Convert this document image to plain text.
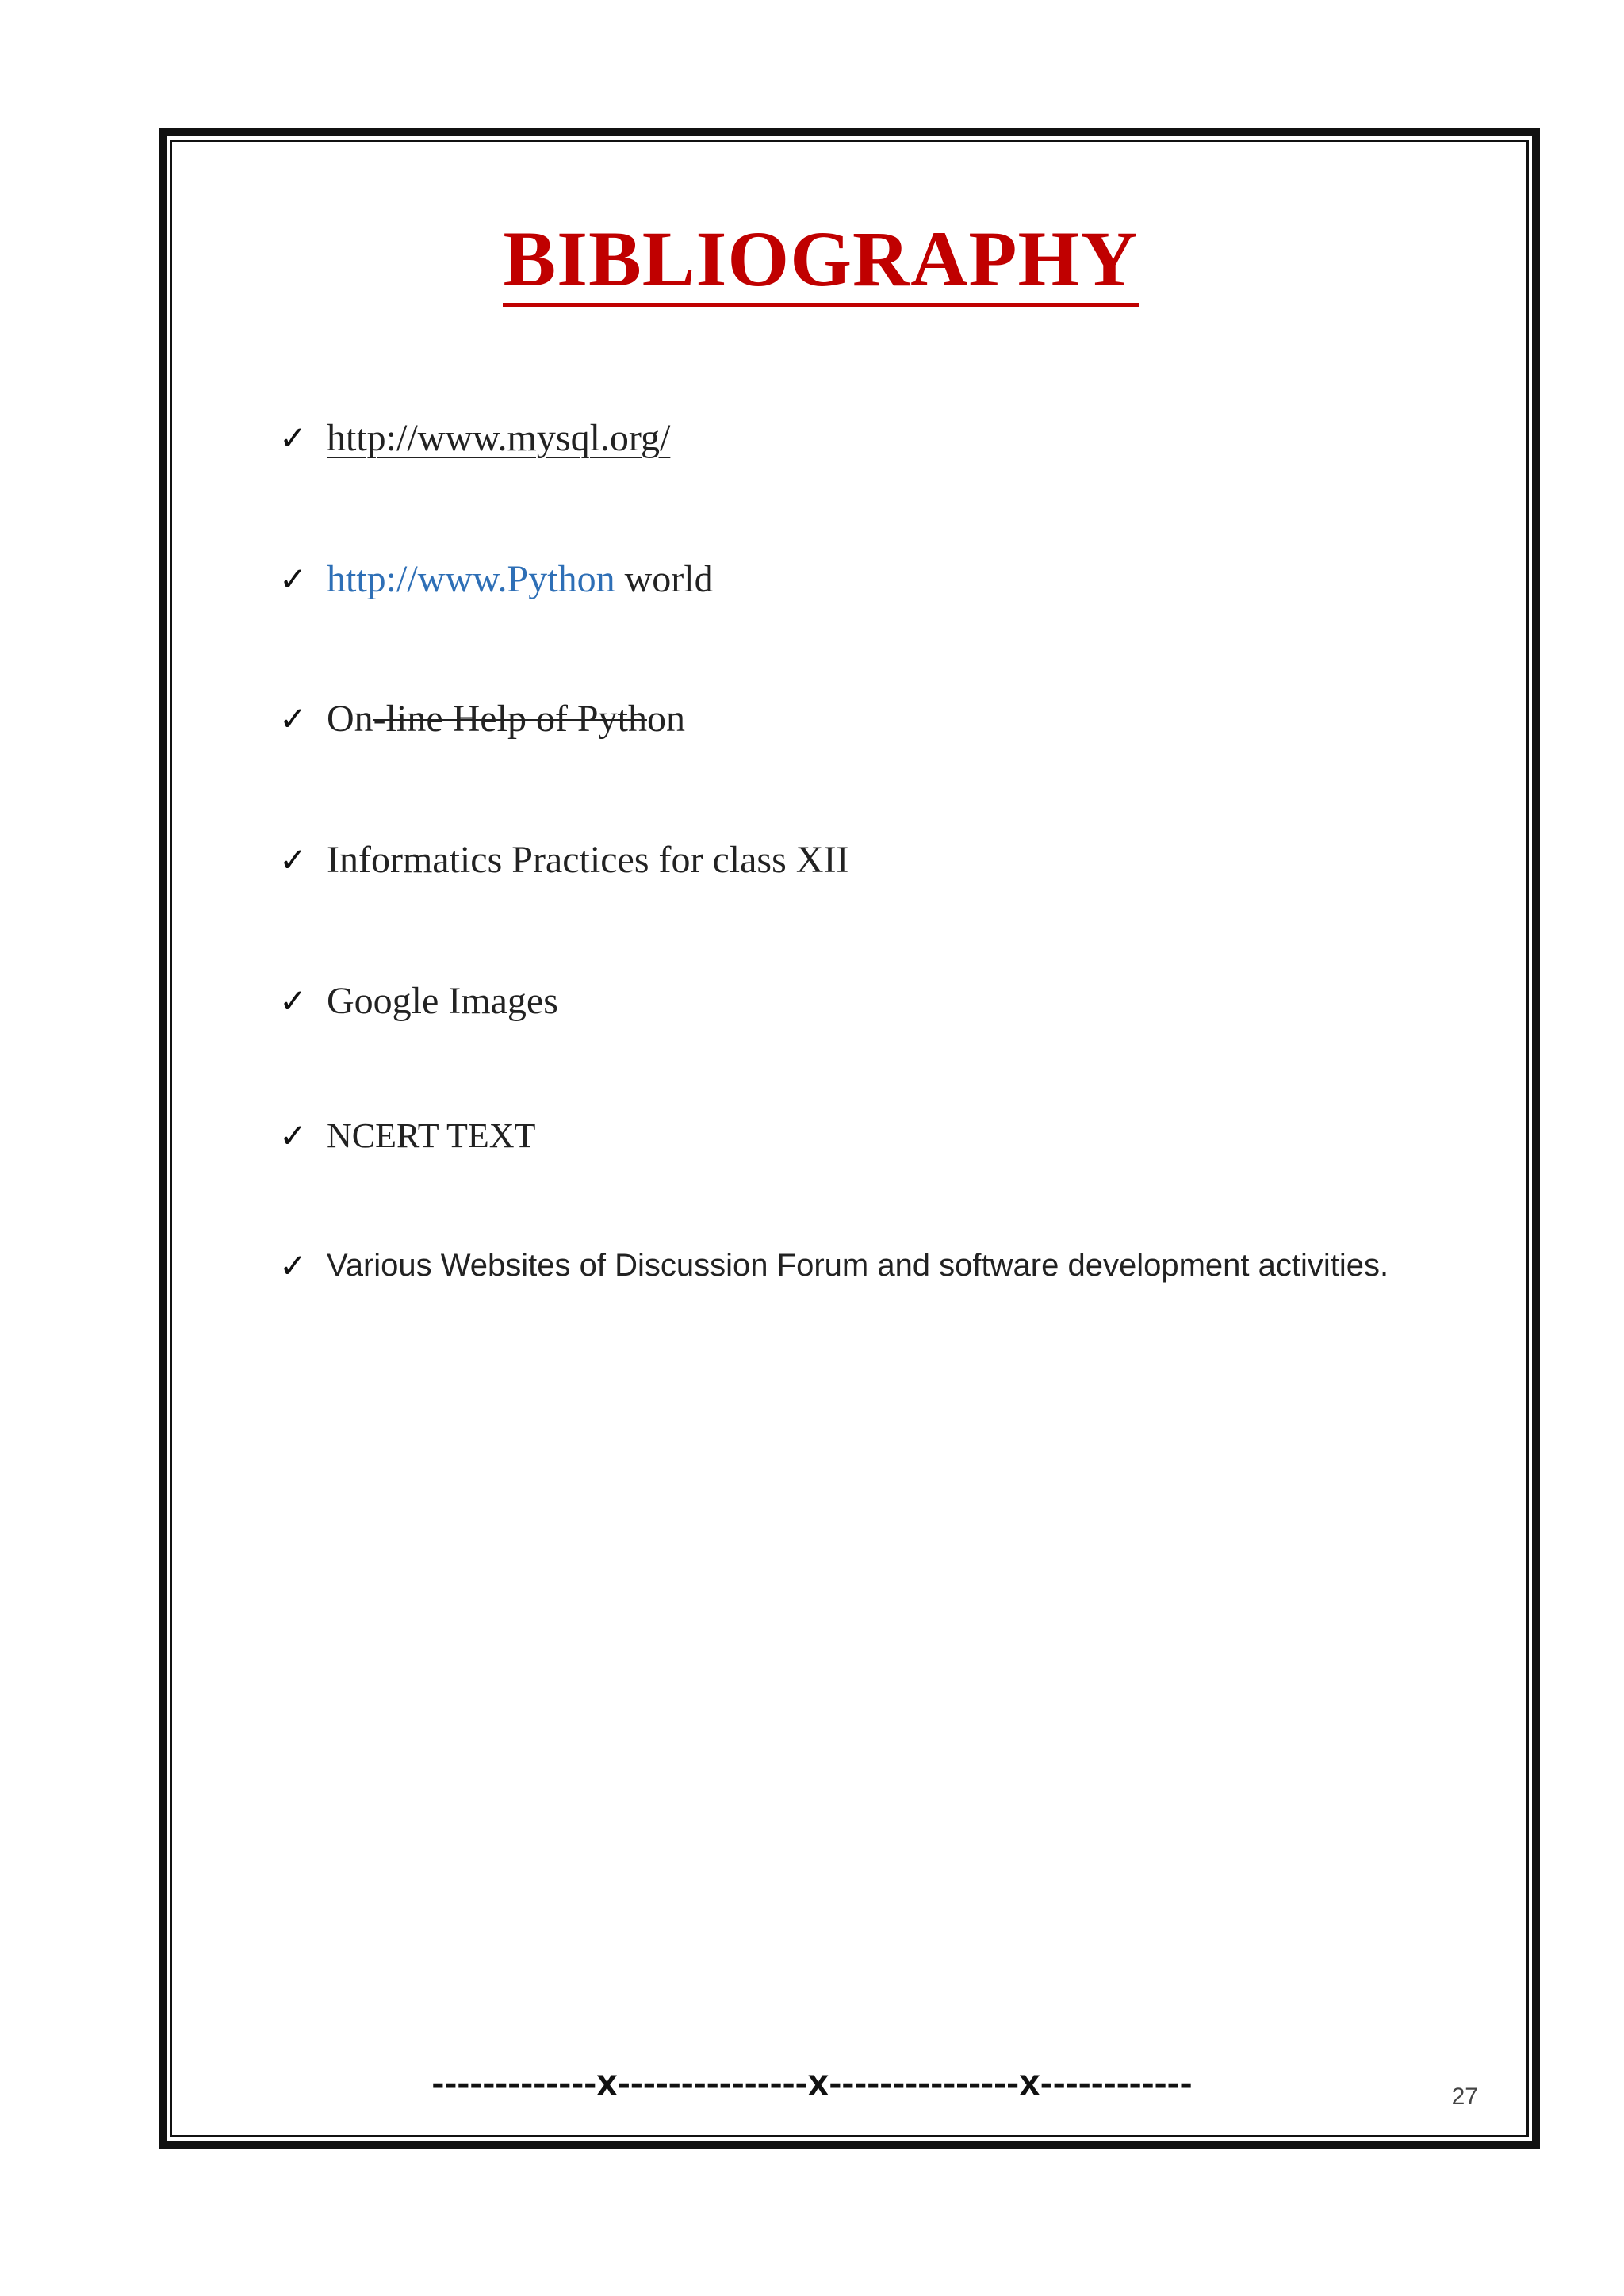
BIBLIOGRAPHY
✓ http://www.mysql.org/
✓ http://www.Python world
✓ On -line Help of Pyth on
✓ Informatics Practices for class XII
✓ Google Images
✓ NCERT TEXT
✓ Various Websites of Discussion Forum and software development activities.
-------------x---------------x---------------x------------	27
